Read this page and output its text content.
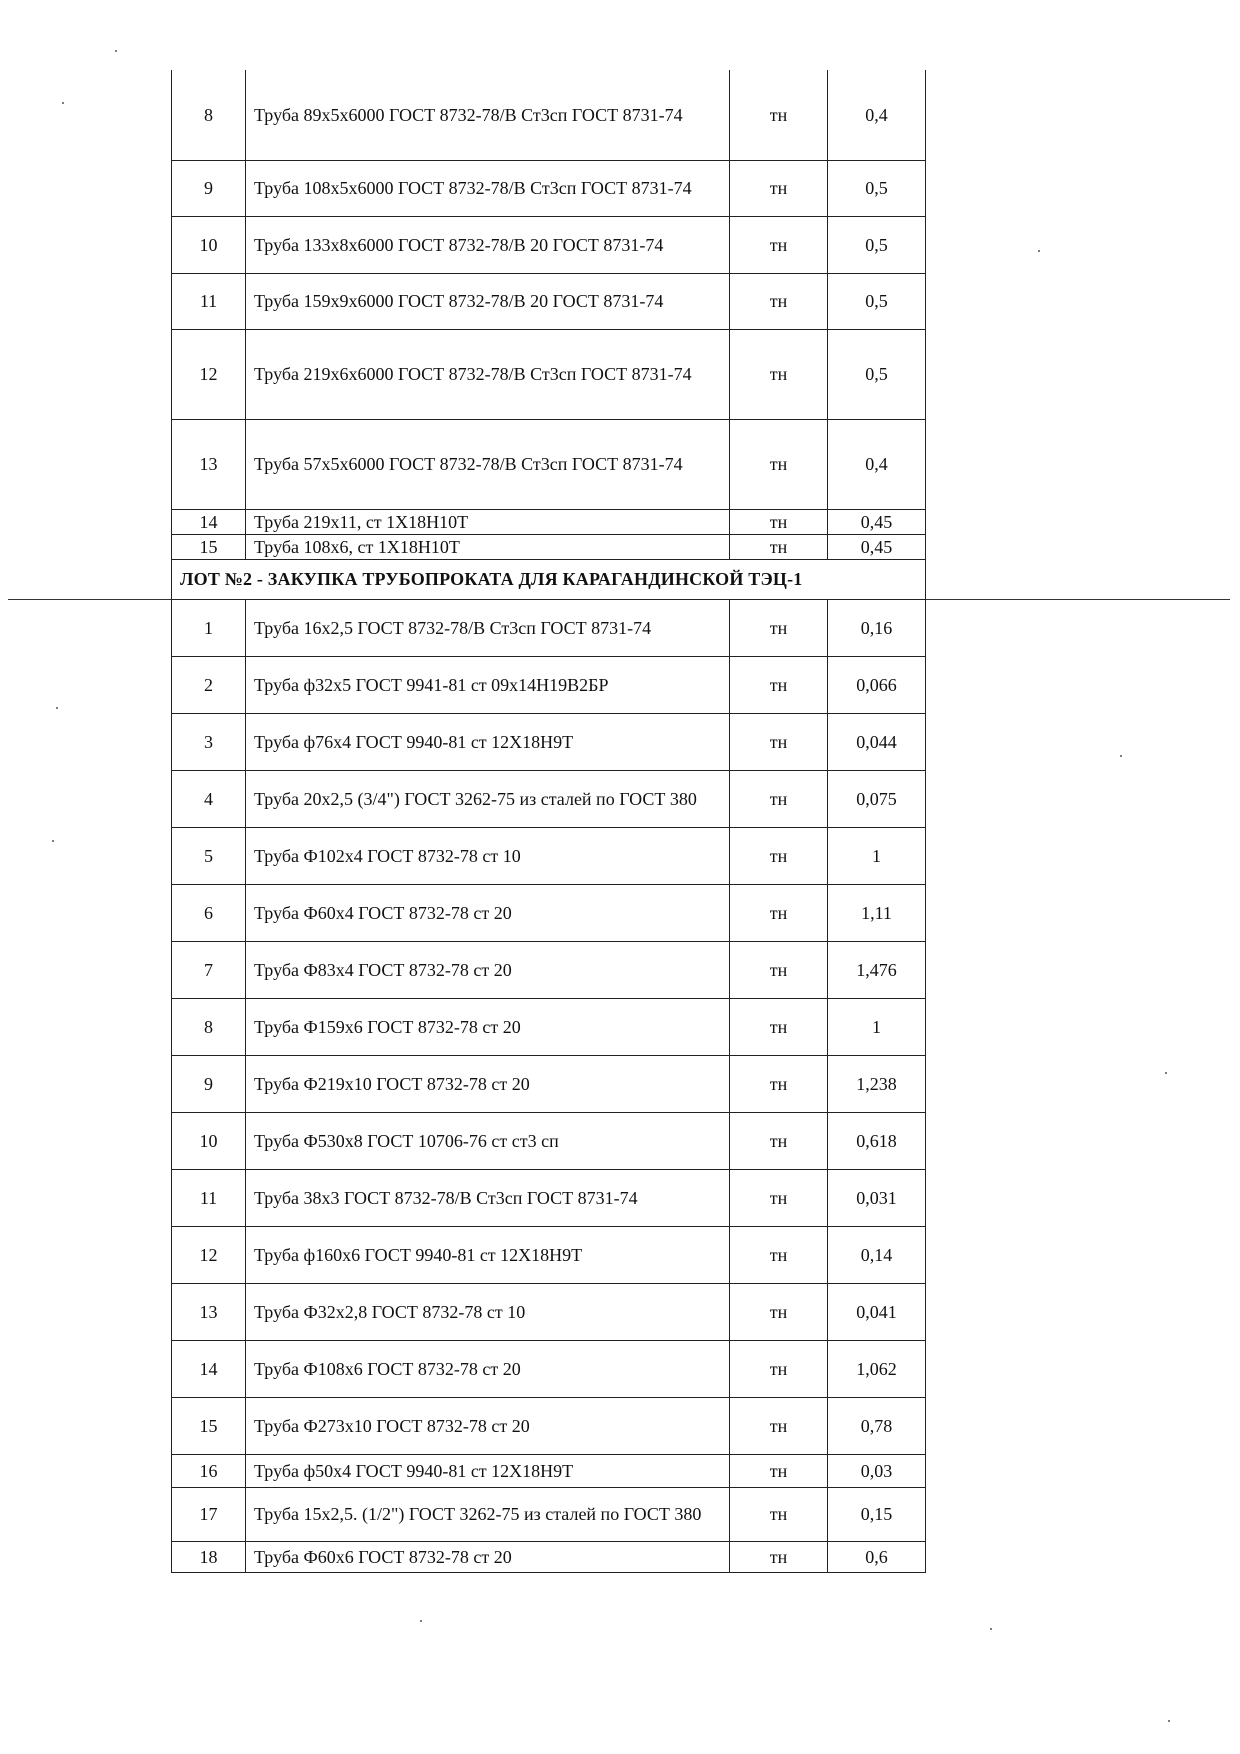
8	Труба 89х5х6000 ГОСТ 8732-78/В Ст3сп ГОСТ 8731-74	тн	0,4
9	Труба 108х5х6000 ГОСТ 8732-78/В Ст3сп ГОСТ 8731-74	тн	0,5
10	Труба 133х8х6000 ГОСТ 8732-78/В 20 ГОСТ 8731-74	тн	0,5
11	Труба 159х9х6000 ГОСТ 8732-78/В 20 ГОСТ 8731-74	тн	0,5
12	Труба 219х6х6000 ГОСТ 8732-78/В Ст3сп ГОСТ 8731-74	тн	0,5
13	Труба 57х5х6000 ГОСТ 8732-78/В Ст3сп ГОСТ 8731-74	тн	0,4
14	Труба 219х11, ст 1Х18Н10Т	тн	0,45
15	Труба 108х6, ст 1Х18Н10Т	тн	0,45
ЛОТ №2 - ЗАКУПКА ТРУБОПРОКАТА ДЛЯ КАРАГАНДИНСКОЙ ТЭЦ-1			
1	Труба 16х2,5 ГОСТ 8732-78/В Ст3сп ГОСТ 8731-74	тн	0,16
2	Труба ф32х5 ГОСТ 9941-81 ст 09х14Н19В2БР	тн	0,066
3	Труба ф76х4 ГОСТ 9940-81 ст 12Х18Н9Т	тн	0,044
4	Труба 20х2,5 (3/4") ГОСТ 3262-75 из сталей по ГОСТ 380	тн	0,075
5	Труба Ф102х4 ГОСТ 8732-78 ст 10	тн	1
6	Труба Ф60х4 ГОСТ 8732-78 ст 20	тн	1,11
7	Труба Ф83х4 ГОСТ 8732-78 ст 20	тн	1,476
8	Труба Ф159х6 ГОСТ 8732-78 ст 20	тн	1
9	Труба Ф219х10 ГОСТ 8732-78 ст 20	тн	1,238
10	Труба Ф530х8 ГОСТ 10706-76 ст ст3 сп	тн	0,618
11	Труба 38х3 ГОСТ 8732-78/В Ст3сп ГОСТ 8731-74	тн	0,031
12	Труба ф160х6 ГОСТ 9940-81 ст 12Х18Н9Т	тн	0,14
13	Труба Ф32х2,8 ГОСТ 8732-78 ст 10	тн	0,041
14	Труба Ф108х6 ГОСТ 8732-78 ст 20	тн	1,062
15	Труба Ф273х10 ГОСТ 8732-78 ст 20	тн	0,78
16	Труба ф50х4 ГОСТ 9940-81 ст 12Х18Н9Т	тн	0,03
17	Труба 15х2,5. (1/2") ГОСТ 3262-75 из сталей по ГОСТ 380	тн	0,15
18	Труба Ф60х6 ГОСТ 8732-78 ст 20	тн	0,6
